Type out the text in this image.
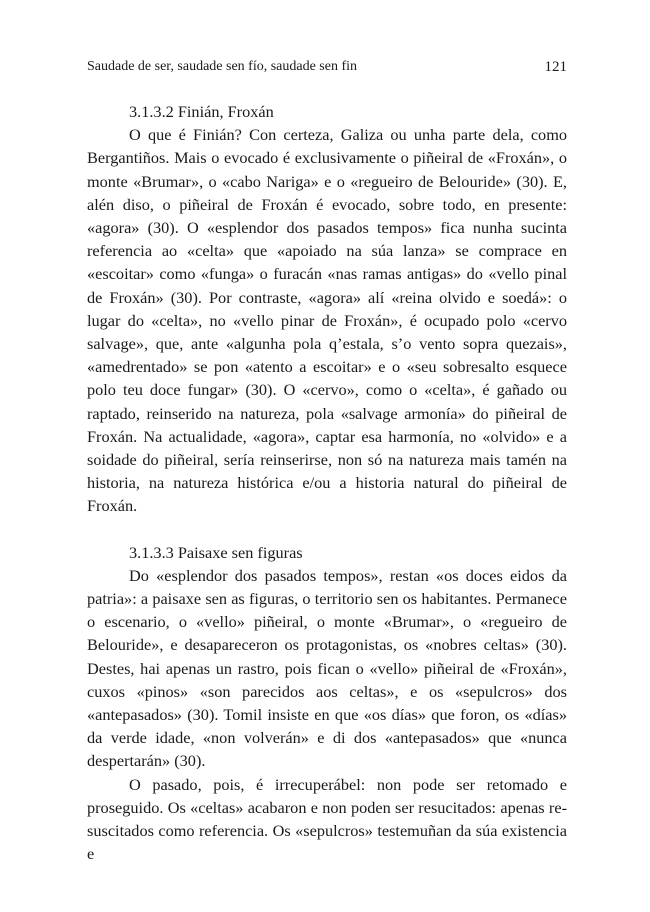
Saudade de ser, saudade sen fío, saudade sen fin	121
3.1.3.2 Finián, Froxán

O que é Finián? Con certeza, Galiza ou unha parte dela, como Bergantiños. Mais o evocado é exclusivamente o piñeiral de «Froxán», o monte «Brumar», o «cabo Nariga» e o «regueiro de Belouride» (30). E, alén diso, o piñeiral de Froxán é evocado, sobre todo, en presente: «agora» (30). O «esplendor dos pasados tempos» fica nunha sucinta referencia ao «celta» que «apoiado na súa lanza» se comprace en «escoitar» como «funga» o furacán «nas ramas antigas» do «vello pinal de Froxán» (30). Por contraste, «agora» alí «reina olvido e soedá»: o lugar do «celta», no «vello pinar de Froxán», é ocupado polo «cervo salvage», que, ante «algunha pola q’estala, s’o vento sopra quezais», «amedrentado» se pon «atento a escoitar» e o «seu sobresalto esquece polo teu doce fungar» (30). O «cervo», como o «celta», é gañado ou raptado, reinserido na natureza, pola «salvage armonía» do piñeiral de Froxán. Na actualidade, «agora», captar esa harmonía, no «olvido» e a soidade do piñeiral, sería reinserirse, non só na natureza mais tamén na historia, na natureza histórica e/ou a historia natural do piñeiral de Froxán.

3.1.3.3 Paisaxe sen figuras

Do «esplendor dos pasados tempos», restan «os doces eidos da patria»: a paisaxe sen as figuras, o territorio sen os habitantes. Permanece o escenario, o «vello» piñeiral, o monte «Brumar», o «regueiro de Belouride», e desapareceron os protagonistas, os «nobres celtas» (30). Destes, hai apenas un rastro, pois fican o «vello» piñeiral de «Froxán», cuxos «pinos» «son parecidos aos celtas», e os «sepulcros» dos «antepasados» (30). Tomil insiste en que «os días» que foron, os «días» da verde idade, «non volverán» e di dos «antepasados» que «nunca despertarán» (30).

O pasado, pois, é irrecuperábel: non pode ser retomado e proseguido. Os «celtas» acabaron e non poden ser resucitados: apenas re-suscitados como referencia. Os «sepulcros» testemuñan da súa existencia e
